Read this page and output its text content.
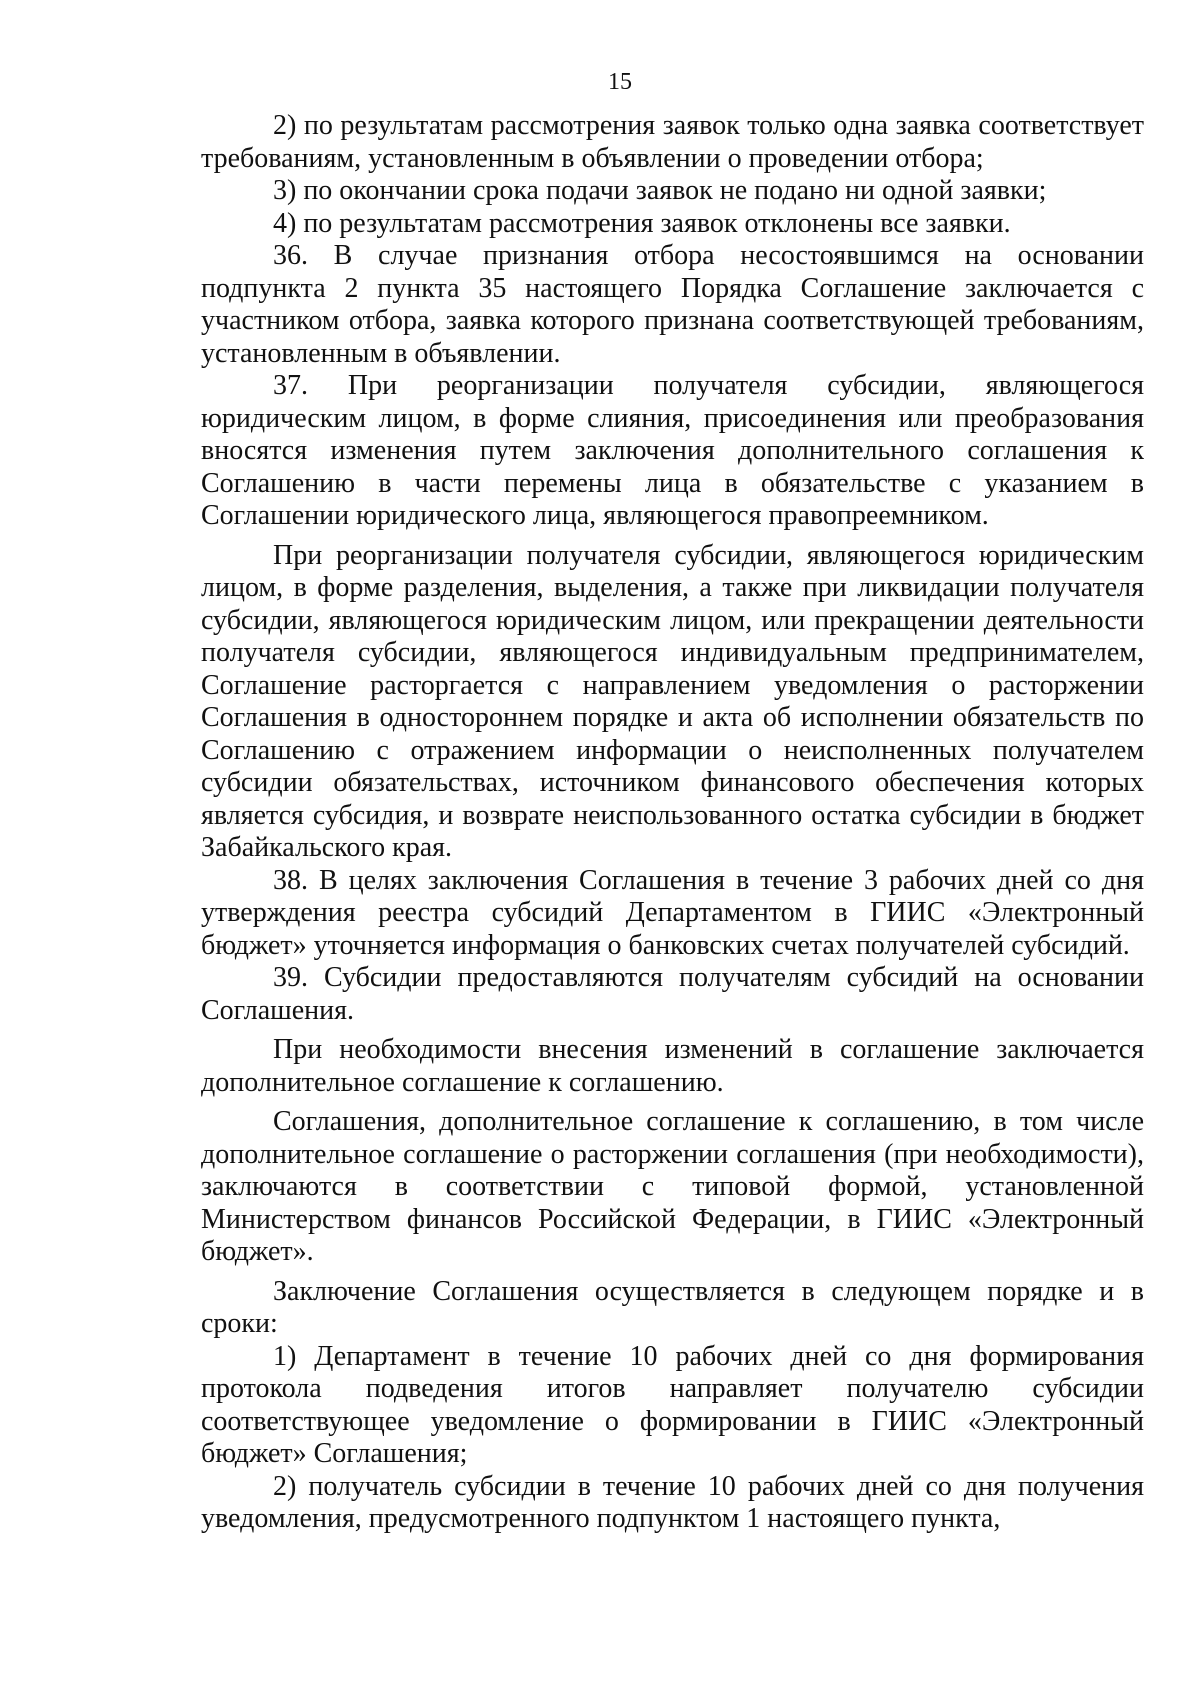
15

2) по результатам рассмотрения заявок только одна заявка соответствует требованиям, установленным в объявлении о проведении отбора;

3) по окончании срока подачи заявок не подано ни одной заявки;

4) по результатам рассмотрения заявок отклонены все заявки.

36. В случае признания отбора несостоявшимся на основании подпункта 2 пункта 35 настоящего Порядка Соглашение заключается с участником отбора, заявка которого признана соответствующей требованиям, установленным в объявлении.

37. При реорганизации получателя субсидии, являющегося юридическим лицом, в форме слияния, присоединения или преобразования вносятся изменения путем заключения дополнительного соглашения к Соглашению в части перемены лица в обязательстве с указанием в Соглашении юридического лица, являющегося правопреемником.

При реорганизации получателя субсидии, являющегося юридическим лицом, в форме разделения, выделения, а также при ликвидации получателя субсидии, являющегося юридическим лицом, или прекращении деятельности получателя субсидии, являющегося индивидуальным предпринимателем, Соглашение расторгается с направлением уведомления о расторжении Соглашения в одностороннем порядке и акта об исполнении обязательств по Соглашению с отражением информации о неисполненных получателем субсидии обязательствах, источником финансового обеспечения которых является субсидия, и возврате неиспользованного остатка субсидии в бюджет Забайкальского края.

38. В целях заключения Соглашения в течение 3 рабочих дней со дня утверждения реестра субсидий Департаментом в ГИИС «Электронный бюджет» уточняется информация о банковских счетах получателей субсидий.

39. Субсидии предоставляются получателям субсидий на основании Соглашения.

При необходимости внесения изменений в соглашение заключается дополнительное соглашение к соглашению.

Соглашения, дополнительное соглашение к соглашению, в том числе дополнительное соглашение о расторжении соглашения (при необходимости), заключаются в соответствии с типовой формой, установленной Министерством финансов Российской Федерации, в ГИИС «Электронный бюджет».

Заключение Соглашения осуществляется в следующем порядке и в сроки:

1) Департамент в течение 10 рабочих дней со дня формирования протокола подведения итогов направляет получателю субсидии соответствующее уведомление о формировании в ГИИС «Электронный бюджет» Соглашения;

2) получатель субсидии в течение 10 рабочих дней со дня получения уведомления, предусмотренного подпунктом 1 настоящего пункта,
